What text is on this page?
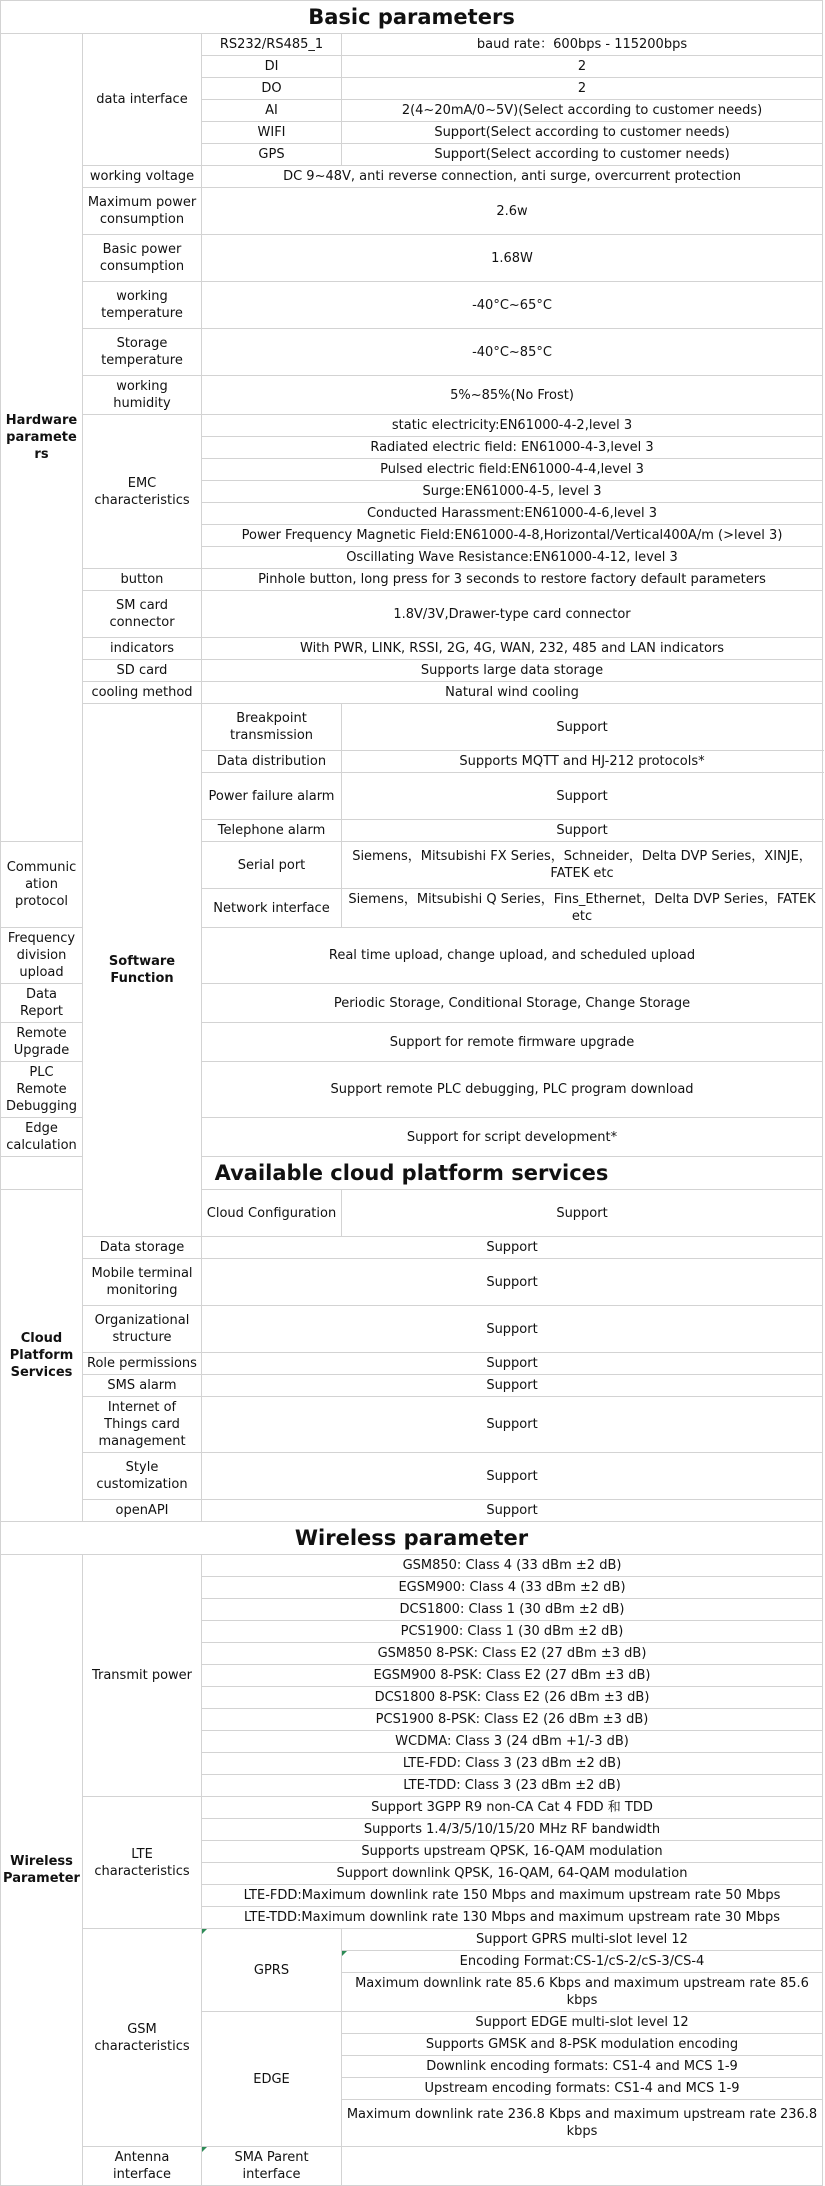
Basic parameters			
Hardware parameters	data interface	RS232/RS485_1	baud rate：600bps - 115200bps
		DI	2
		DO	2
		AI	2(4~20mA/0~5V)(Select according to customer needs)
		WIFI	Support(Select according to customer needs)
		GPS	Support(Select according to customer needs)
	working voltage	DC 9~48V, anti reverse connection, anti surge, overcurrent protection	
	Maximum power consumption	2.6w	
	Basic power consumption	1.68W	
	working temperature	-40°C~65°C	
	Storage temperature	-40°C~85°C	
	working humidity	5%~85%(No Frost)	
	EMC characteristics	static electricity:EN61000-4-2,level 3	
		Radiated electric field: EN61000-4-3,level 3	
		Pulsed electric field:EN61000-4-4,level 3	
		Surge:EN61000-4-5, level 3	
		Conducted Harassment:EN61000-4-6,level 3	
		Power Frequency Magnetic Field:EN61000-4-8,Horizontal/Vertical400A/m (>level 3)	
		Oscillating Wave Resistance:EN61000-4-12, level 3	
	button	Pinhole button, long press for 3 seconds to restore factory default parameters	
	SM card connector	1.8V/3V,Drawer-type card connector	
	indicators	With PWR, LINK, RSSI, 2G, 4G, WAN, 232, 485 and LAN indicators	
	SD card	Supports large data storage	
	cooling method	Natural wind cooling	
	Software Function	Breakpoint transmission	Support
		Data distribution	Supports MQTT and HJ-212 protocols*
		Power failure alarm	Support
		Telephone alarm	Support
Communication protocol		Serial port	Siemens，Mitsubishi FX Series，Schneider，Delta DVP Series，XINJE，FATEK etc
		Network interface	Siemens，Mitsubishi Q Series，Fins_Ethernet，Delta DVP Series，FATEK etc
Frequency division upload		Real time upload, change upload, and scheduled upload	
Data Report		Periodic Storage, Conditional Storage, Change Storage	
Remote Upgrade		Support for remote firmware upgrade	
PLC Remote Debugging		Support remote PLC debugging, PLC program download	
Edge calculation		Support for script development*	
Available cloud platform services			
Cloud Platform Services		Cloud Configuration	Support
	Data storage	Support	
	Mobile terminal monitoring	Support	
	Organizational structure	Support	
	Role permissions	Support	
	SMS alarm	Support	
	Internet of Things card management	Support	
	Style customization	Support	
	openAPI	Support	
Wireless parameter			
Wireless Parameter	Transmit power	GSM850: Class 4 (33 dBm ±2 dB)	
		EGSM900: Class 4 (33 dBm ±2 dB)	
		DCS1800: Class 1 (30 dBm ±2 dB)	
		PCS1900: Class 1 (30 dBm ±2 dB)	
		GSM850 8-PSK: Class E2 (27 dBm ±3 dB)	
		EGSM900 8-PSK: Class E2 (27 dBm ±3 dB)	
		DCS1800 8-PSK: Class E2 (26 dBm ±3 dB)	
		PCS1900 8-PSK: Class E2 (26 dBm ±3 dB)	
		WCDMA: Class 3 (24 dBm +1/-3 dB)	
		LTE-FDD: Class 3 (23 dBm ±2 dB)	
		LTE-TDD: Class 3 (23 dBm ±2 dB)	
	LTE characteristics	Support 3GPP R9 non-CA Cat 4 FDD 和 TDD	
		Supports 1.4/3/5/10/15/20 MHz RF bandwidth	
		Supports upstream QPSK, 16-QAM modulation	
		Support downlink QPSK, 16-QAM, 64-QAM modulation	
		LTE-FDD:Maximum downlink rate 150 Mbps and maximum upstream rate 50 Mbps	
		LTE-TDD:Maximum downlink rate 130 Mbps and maximum upstream rate 30 Mbps	
	GSM characteristics	GPRS	Support GPRS multi-slot level 12
			Encoding Format:CS-1/cS-2/cS-3/CS-4
			Maximum downlink rate 85.6 Kbps and maximum upstream rate 85.6 kbps
		EDGE	Support EDGE multi-slot level 12
			Supports GMSK and 8-PSK modulation encoding
			Downlink encoding formats: CS1-4 and MCS 1-9
			Upstream encoding formats: CS1-4 and MCS 1-9
			Maximum downlink rate 236.8 Kbps and maximum upstream rate 236.8 kbps
	Antenna interface	SMA Parent interface	
